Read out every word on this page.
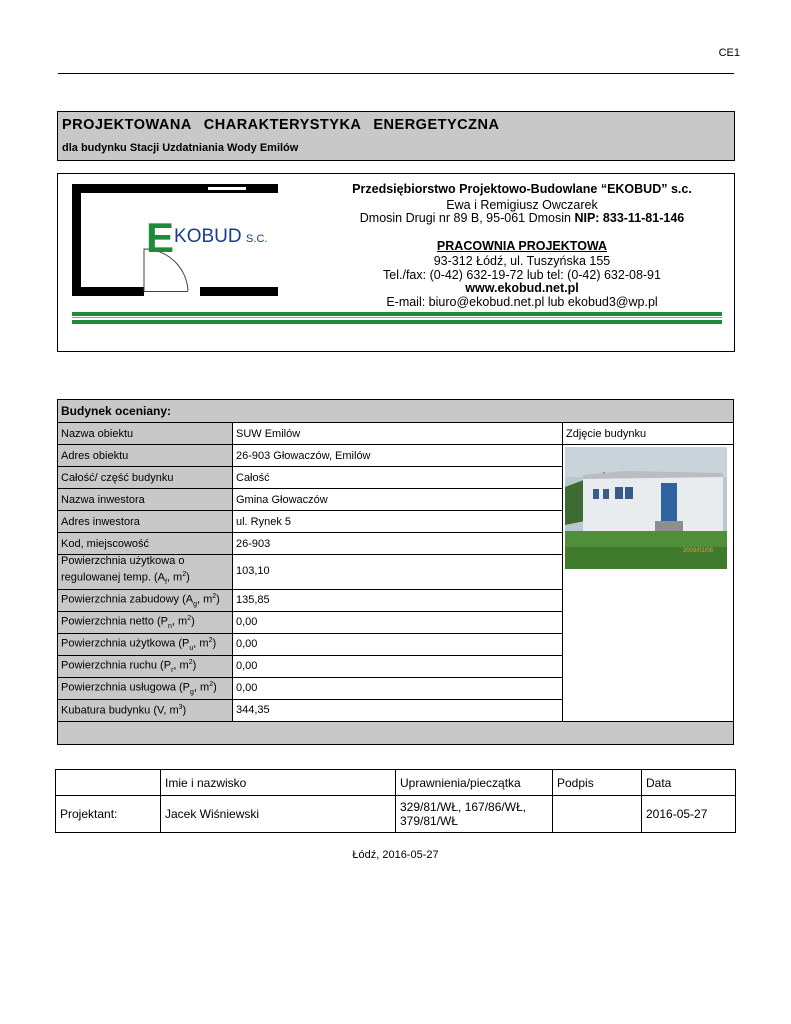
CE1
PROJEKTOWANA CHARAKTERYSTYKA ENERGETYCZNA
dla budynku Stacji Uzdatniania Wody Emilów
EKOBUD $^{S.C.}$
Przedsiębiorstwo Projektowo-Budowlane “EKOBUD” s.c.
Ewa i Remigiusz Owczarek
Dmosin Drugi nr 89 B, 95-061 Dmosin NIP: 833-11-81-146
PRACOWNIA PROJEKTOWA
93-312 Łódź, ul. Tuszyńska 155
Tel./fax: (0-42) 632-19-72 lub tel: (0-42) 632-08-91
www.ekobud.net.pl
E-mail: biuro@ekobud.net.pl lub ekobud3@wp.pl
Budynek oceniany:		
Nazwa obiektu	SUW Emilów	Zdjęcie budynku
Adres obiektu	26-903 Głowaczów, Emilów	2008/01/06

Całość/ część budynku	Całość	
Nazwa inwestora	Gmina Głowaczów	
Adres inwestora	ul. Rynek 5	
Kod, miejscowość	26-903	
Powierzchnia użytkowa o regulowanej temp. ($A_f$, $m^2$)	103,10	
Powierzchnia zabudowy ($A_g$, $m^2$)	135,85	
Powierzchnia netto ($P_n$, $m^2$)	0,00	
Powierzchnia użytkowa ($P_u$, $m^2$)	0,00	
Powierzchnia ruchu ($P_r$, $m^2$)	0,00	
Powierzchnia usługowa ($P_g$, $m^2$)	0,00	
Kubatura budynku (V, $m^3$)	344,35	

	Imie i nazwisko	Uprawnienia/pieczątka	Podpis	Data
Projektant:	Jacek Wiśniewski	329/81/WŁ, 167/86/WŁ, 379/81/WŁ		2016-05-27
Łódź, 2016-05-27
